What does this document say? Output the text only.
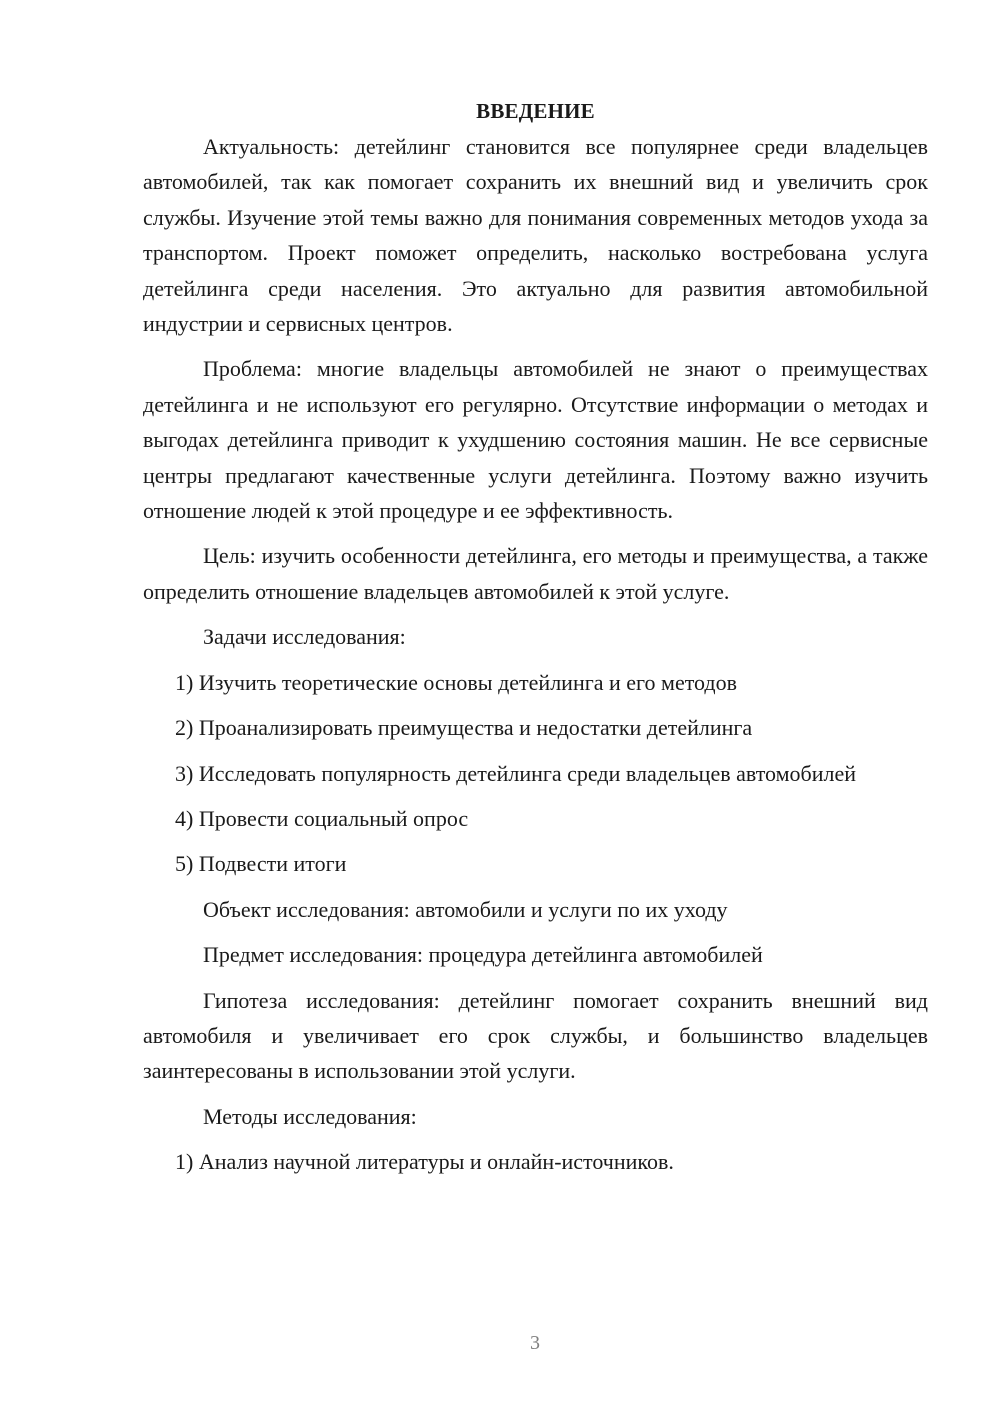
ВВЕДЕНИЕ
Актуальность: детейлинг становится все популярнее среди владельцев автомобилей, так как помогает сохранить их внешний вид и увеличить срок службы. Изучение этой темы важно для понимания современных методов ухода за транспортом. Проект поможет определить, насколько востребована услуга детейлинга среди населения. Это актуально для развития автомобильной индустрии и сервисных центров.
Проблема: многие владельцы автомобилей не знают о преимуществах детейлинга и не используют его регулярно. Отсутствие информации о методах и выгодах детейлинга приводит к ухудшению состояния машин. Не все сервисные центры предлагают качественные услуги детейлинга. Поэтому важно изучить отношение людей к этой процедуре и ее эффективность.
Цель: изучить особенности детейлинга, его методы и преимущества, а также определить отношение владельцев автомобилей к этой услуге.
Задачи исследования:
1) Изучить теоретические основы детейлинга и его методов
2) Проанализировать преимущества и недостатки детейлинга
3) Исследовать популярность детейлинга среди владельцев автомобилей
4) Провести социальный опрос
5) Подвести итоги
Объект исследования: автомобили и услуги по их уходу
Предмет исследования: процедура детейлинга автомобилей
Гипотеза исследования: детейлинг помогает сохранить внешний вид автомобиля и увеличивает его срок службы, и большинство владельцев заинтересованы в использовании этой услуги.
Методы исследования:
1) Анализ научной литературы и онлайн-источников.
3
